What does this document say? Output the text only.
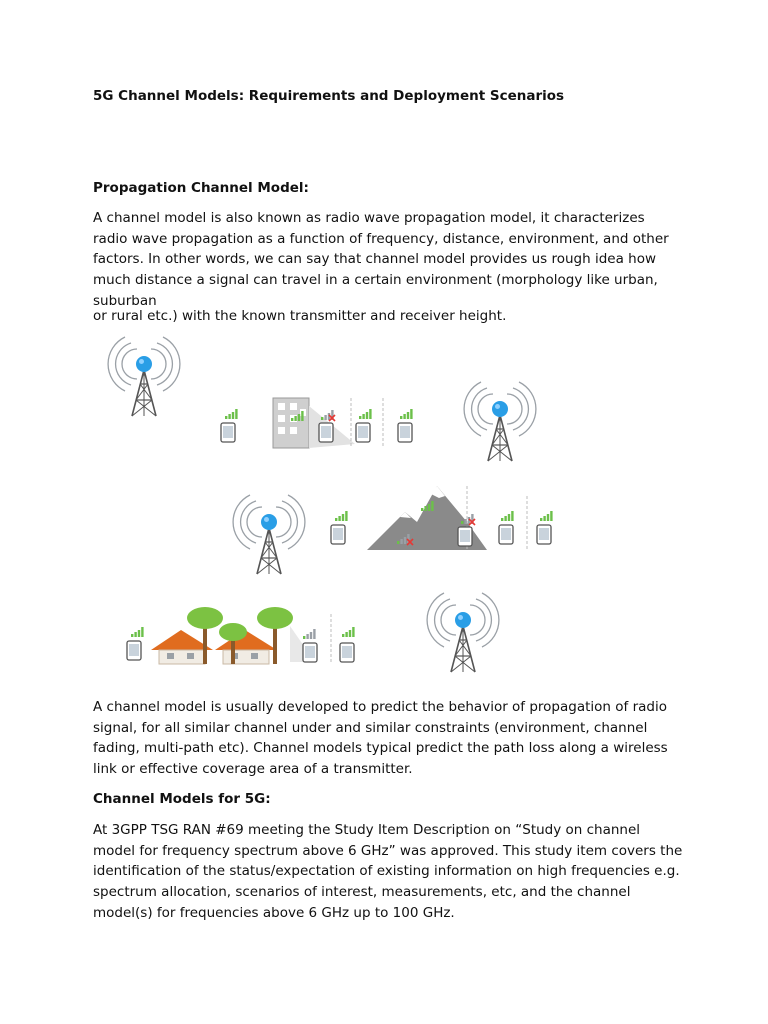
5G Channel Models: Requirements and Deployment Scenarios
Propagation Channel Model:

A channel model is also known as radio wave propagation model, it characterizes radio wave propagation as a function of frequency, distance, environment, and other factors. In other words, we can say that channel model provides us rough idea how much distance a signal can travel in a certain environment (morphology like urban, suburban

or rural etc.) with the known transmitter and receiver height.

A channel model is usually developed to predict the behavior of propagation of radio signal, for all similar channel under and similar constraints (environment, channel fading, multi-path etc). Channel models typical predict the path loss along a wireless link or effective coverage area of a transmitter.

Channel Models for 5G:

At 3GPP TSG RAN #69 meeting the Study Item Description on “Study on channel model for frequency spectrum above 6 GHz” was approved. This study item covers the identification of the status/expectation of existing information on high frequencies e.g. spectrum allocation, scenarios of interest, measurements, etc, and the channel model(s) for frequencies above 6 GHz up to 100 GHz.
